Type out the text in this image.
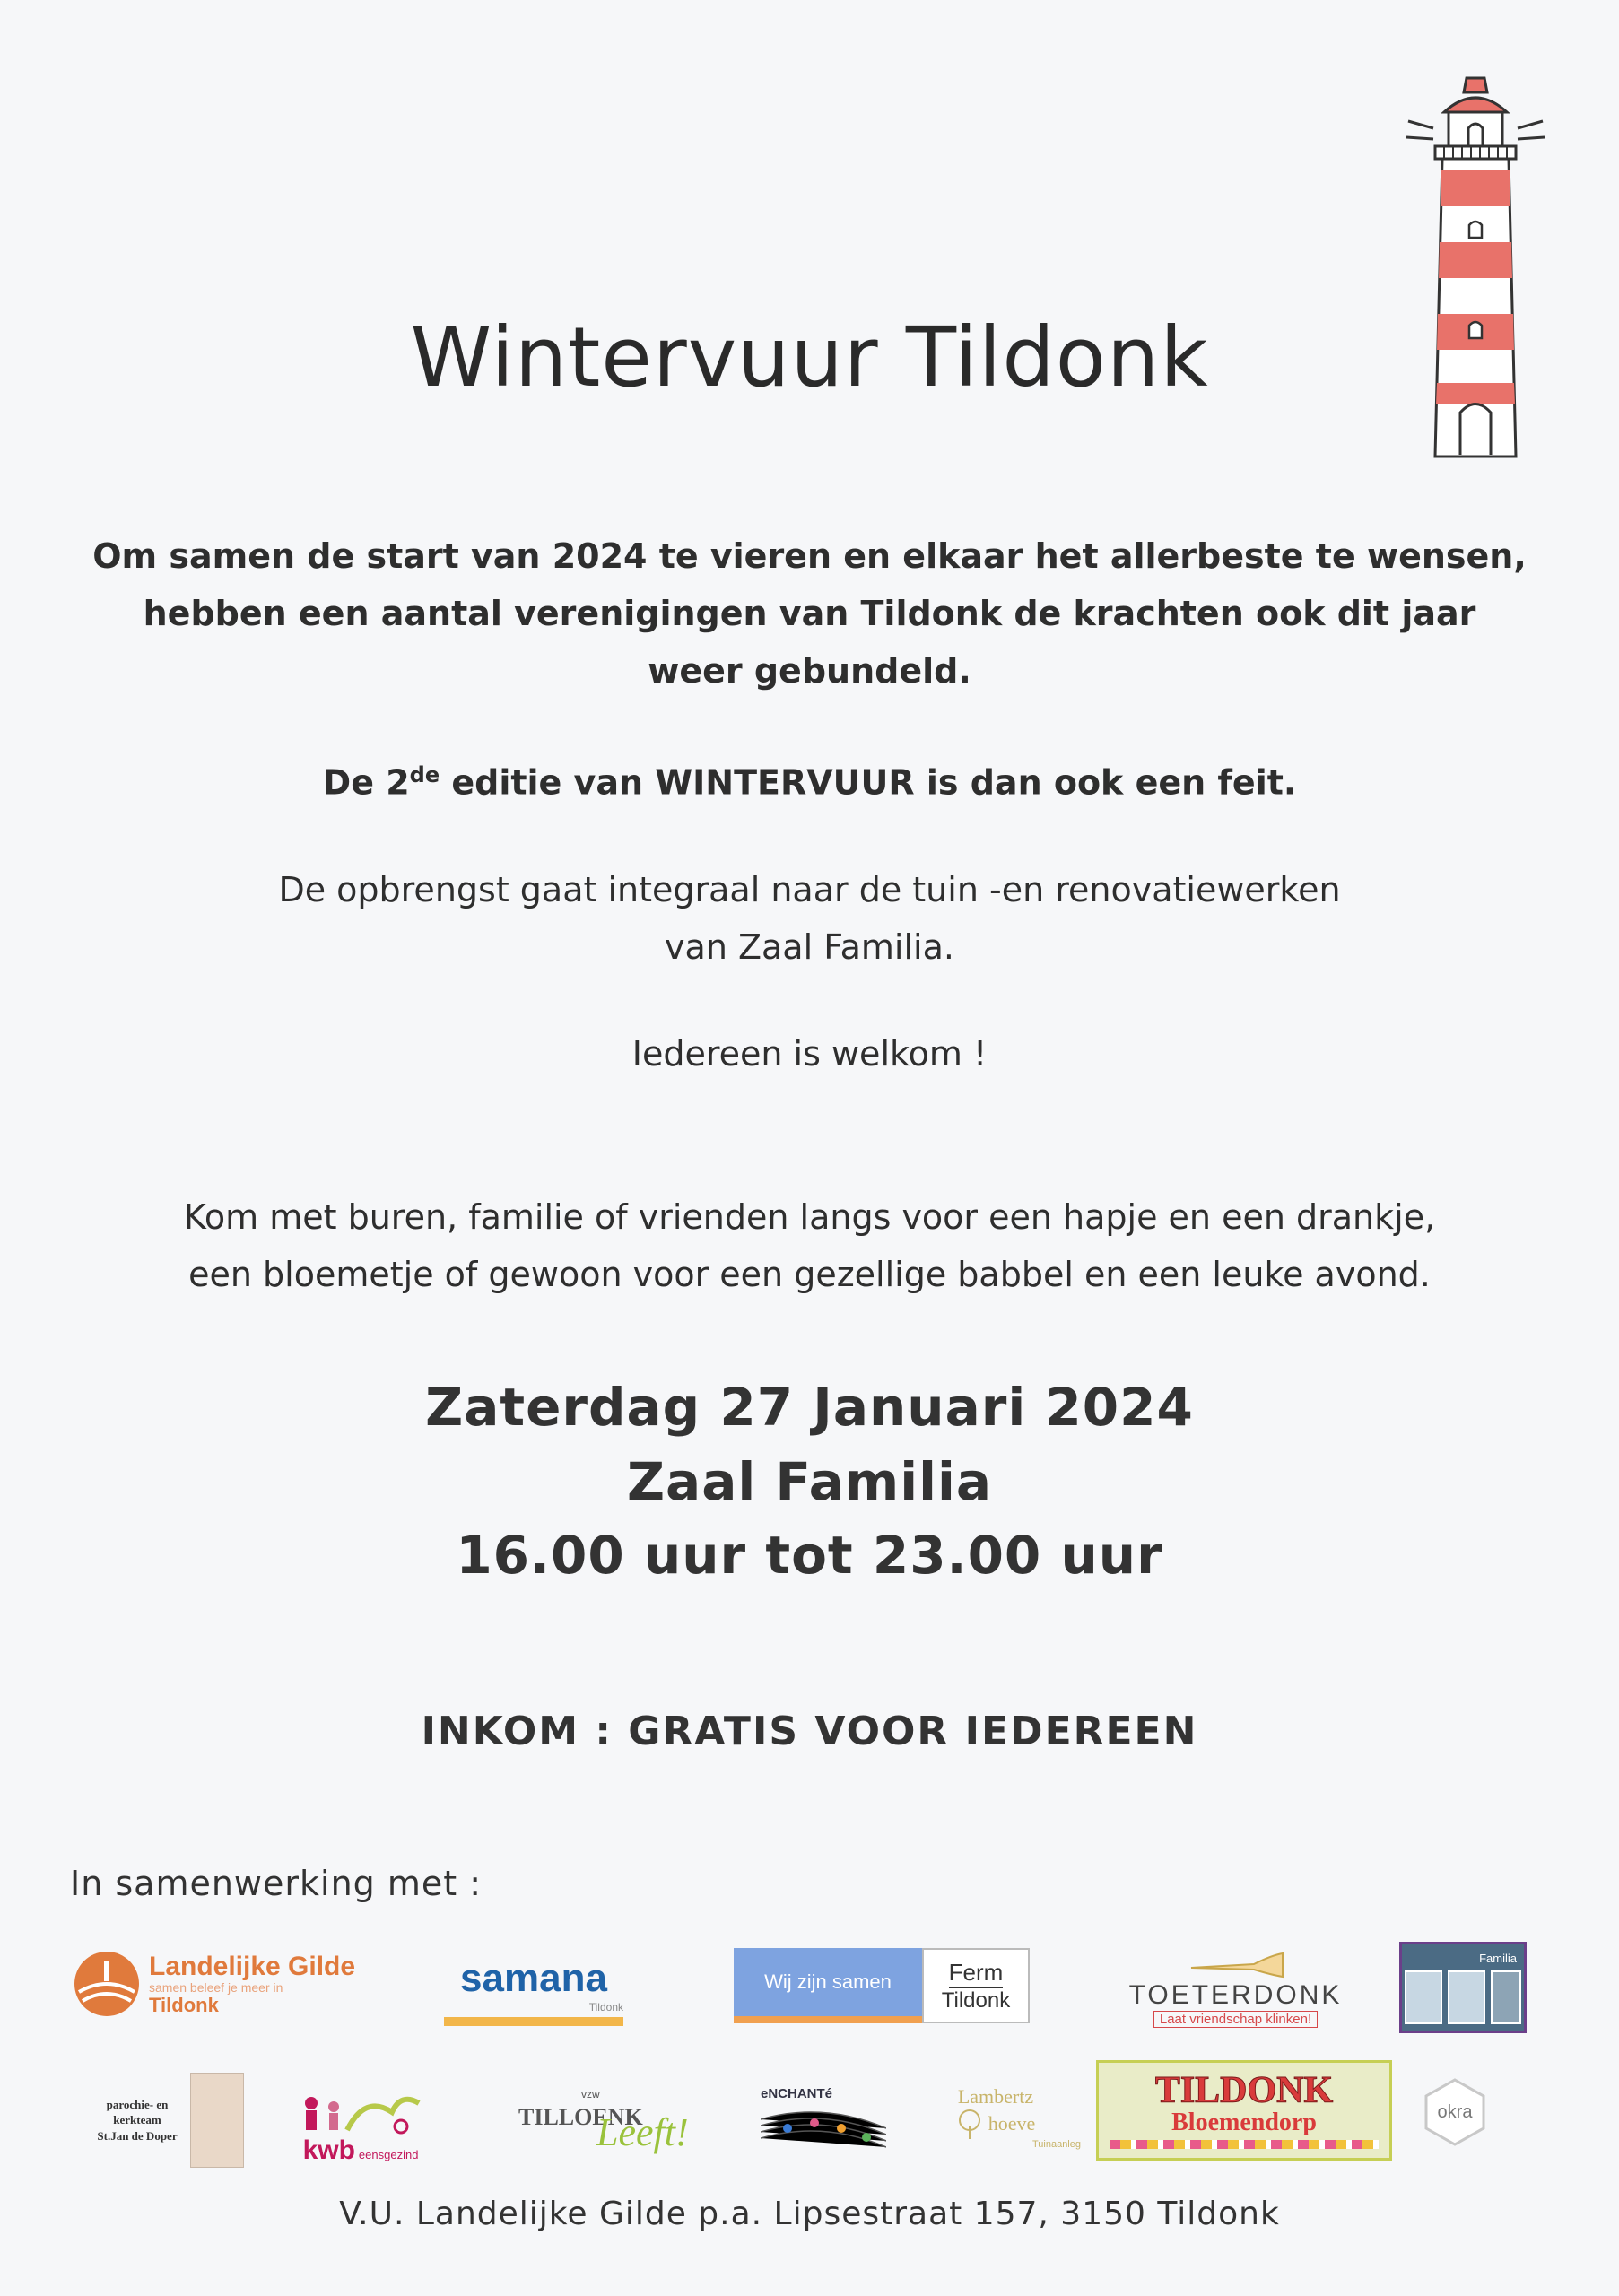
Wintervuur Tildonk
Om samen de start van 2024 te vieren en elkaar het allerbeste te wensen,
hebben een aantal verenigingen van Tildonk de krachten ook dit jaar
weer gebundeld.
De 2de editie van WINTERVUUR is dan ook een feit.
De opbrengst gaat integraal naar de tuin -en renovatiewerken
van Zaal Familia.
Iedereen is welkom !
Kom met buren, familie of vrienden langs voor een hapje en een drankje,
een bloemetje of gewoon voor een gezellige babbel en een leuke avond.
Zaterdag 27 Januari 2024
Zaal Familia
16.00 uur tot 23.00 uur
INKOM : GRATIS VOOR IEDEREEN
In samenwerking met :
Landelijke Gilde
samen beleef je meer in
Tildonk
samana
Tildonk
Wij zijn samen	Ferm
Tildonk	TOETERDONK
Laat vriendschap klinken!
Familia
parochie- en
kerkteam
St.Jan de Doper	kwb eensgezind
vzw
TILLOENK
Leeft!
eNCHANTé	Lambertz
hoeve
Tuinaanleg
TILDONK
Bloemendorp	okra
V.U. Landelijke Gilde p.a. Lipsestraat 157, 3150 Tildonk
